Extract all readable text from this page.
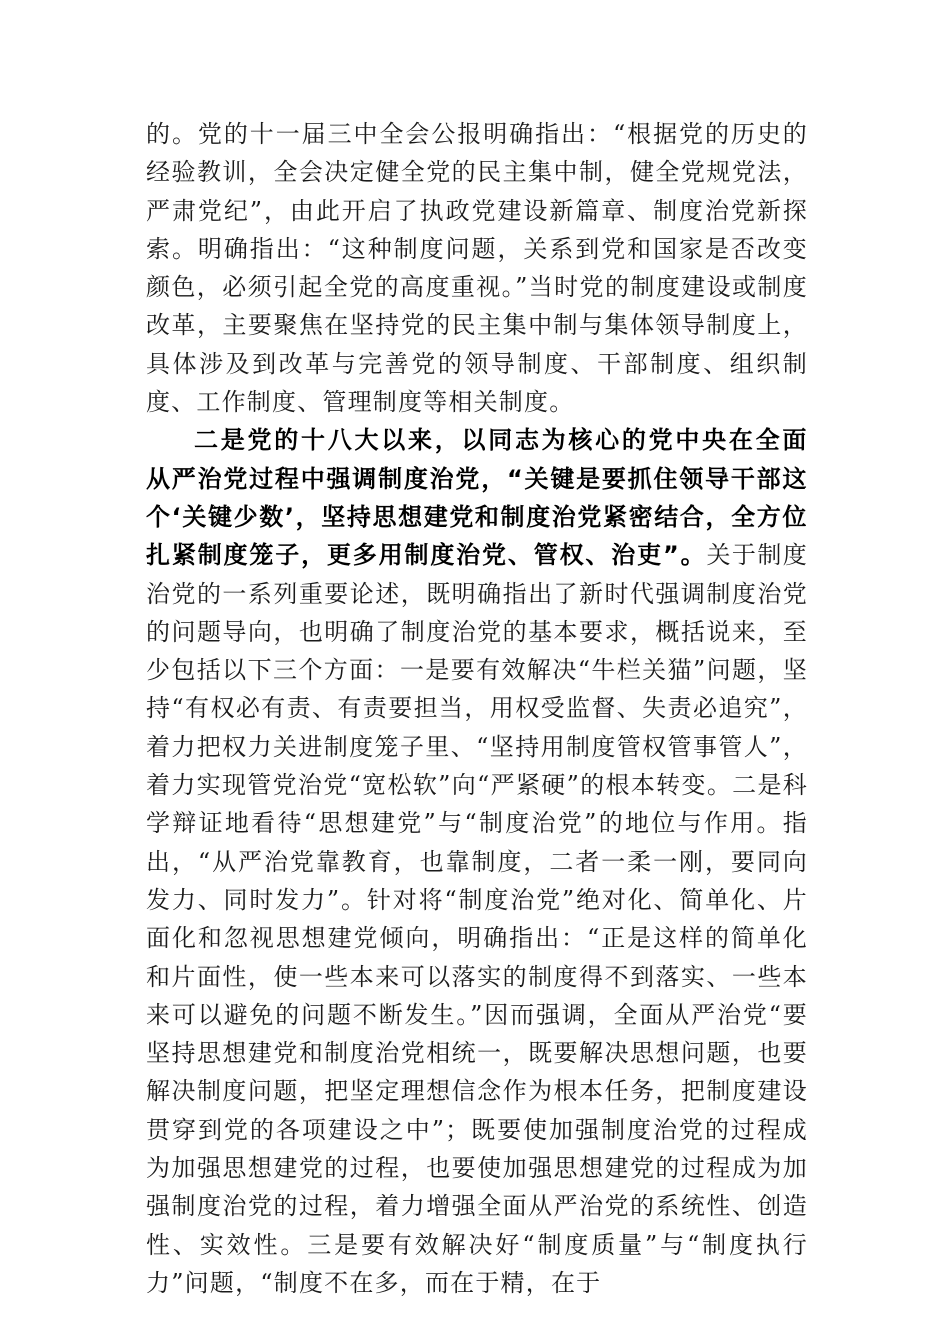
的。党的十一届三中全会公报明确指出：“根据党的历史的经验教训，全会决定健全党的民主集中制，健全党规党法，严肃党纪”，由此开启了执政党建设新篇章、制度治党新探索。明确指出：“这种制度问题，关系到党和国家是否改变颜色，必须引起全党的高度重视。”当时党的制度建设或制度改革，主要聚焦在坚持党的民主集中制与集体领导制度上，具体涉及到改革与完善党的领导制度、干部制度、组织制度、工作制度、管理制度等相关制度。

二是党的十八大以来，以同志为核心的党中央在全面从严治党过程中强调制度治党，“关键是要抓住领导干部这个‘关键少数’，坚持思想建党和制度治党紧密结合，全方位扎紧制度笼子，更多用制度治党、管权、治吏”。关于制度治党的一系列重要论述，既明确指出了新时代强调制度治党的问题导向，也明确了制度治党的基本要求，概括说来，至少包括以下三个方面：一是要有效解决“牛栏关猫”问题，坚持“有权必有责、有责要担当，用权受监督、失责必追究”，着力把权力关进制度笼子里、“坚持用制度管权管事管人”，着力实现管党治党“宽松软”向“严紧硬”的根本转变。二是科学辩证地看待“思想建党”与“制度治党”的地位与作用。指出，“从严治党靠教育，也靠制度，二者一柔一刚，要同向发力、同时发力”。针对将“制度治党”绝对化、简单化、片面化和忽视思想建党倾向，明确指出：“正是这样的简单化和片面性，使一些本来可以落实的制度得不到落实、一些本来可以避免的问题不断发生。”因而强调，全面从严治党“要坚持思想建党和制度治党相统一，既要解决思想问题，也要解决制度问题，把坚定理想信念作为根本任务，把制度建设贯穿到党的各项建设之中”；既要使加强制度治党的过程成为加强思想建党的过程，也要使加强思想建党的过程成为加强制度治党的过程，着力增强全面从严治党的系统性、创造性、实效性。三是要有效解决好“制度质量”与“制度执行力”问题，“制度不在多，而在于精，在于
